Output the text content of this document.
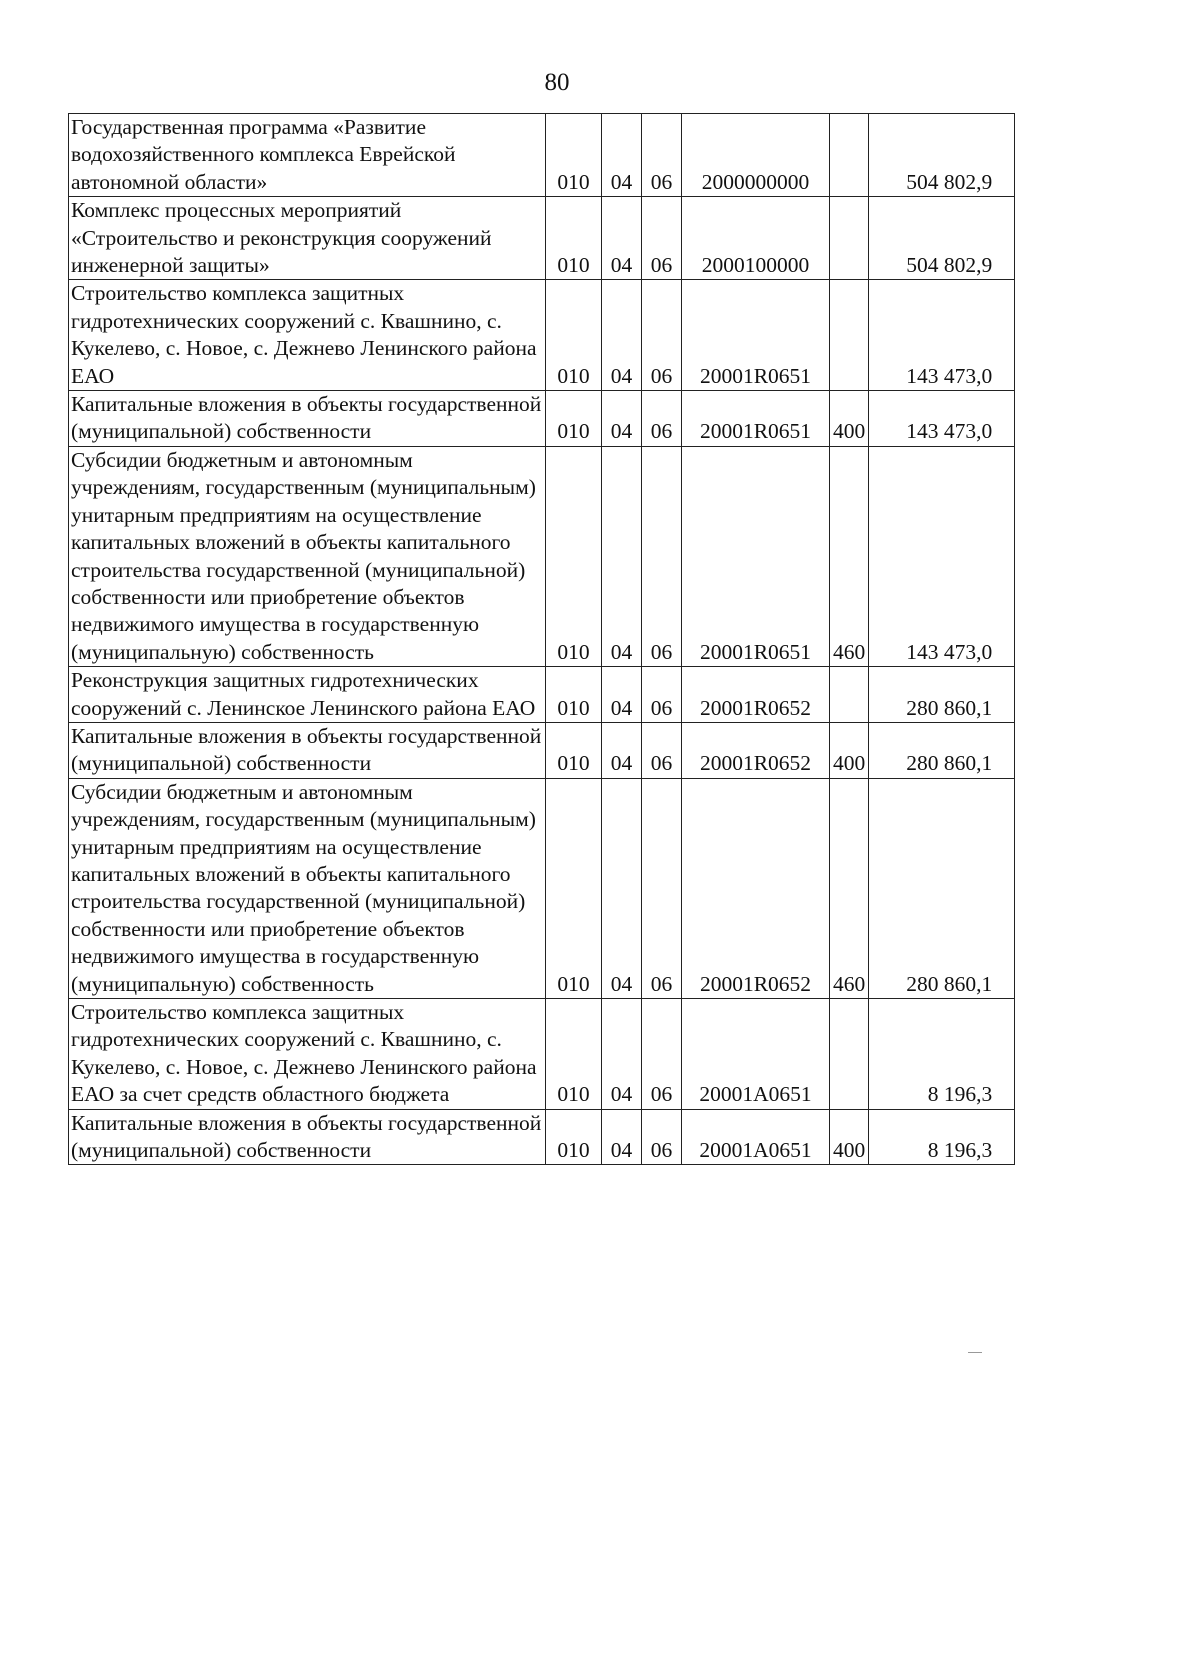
80
Государственная программа «Развитие водохозяйственного комплекса Еврейской автономной области»	010	04	06	2000000000		504 802,9
Комплекс процессных мероприятий «Строительство и реконструкция сооружений инженерной защиты»	010	04	06	2000100000		504 802,9
Строительство комплекса защитных гидротехнических сооружений с. Квашнино, с. Кукелево, с. Новое, с. Дежнево Ленинского района ЕАО	010	04	06	20001R0651		143 473,0
Капитальные вложения в объекты государственной (муниципальной) собственности	010	04	06	20001R0651	400	143 473,0
Субсидии бюджетным и автономным учреждениям, государственным (муниципальным) унитарным предприятиям на осуществление капитальных вложений в объекты капитального строительства государственной (муниципальной) собственности или приобретение объектов недвижимого имущества в государственную (муниципальную) собственность	010	04	06	20001R0651	460	143 473,0
Реконструкция защитных гидротехнических сооружений с. Ленинское Ленинского района ЕАО	010	04	06	20001R0652		280 860,1
Капитальные вложения в объекты государственной (муниципальной) собственности	010	04	06	20001R0652	400	280 860,1
Субсидии бюджетным и автономным учреждениям, государственным (муниципальным) унитарным предприятиям на осуществление капитальных вложений в объекты капитального строительства государственной (муниципальной) собственности или приобретение объектов недвижимого имущества в государственную (муниципальную) собственность	010	04	06	20001R0652	460	280 860,1
Строительство комплекса защитных гидротехнических сооружений с. Квашнино, с. Кукелево, с. Новое, с. Дежнево Ленинского района ЕАО за счет средств областного бюджета	010	04	06	20001A0651		8 196,3
Капитальные вложения в объекты государственной (муниципальной) собственности	010	04	06	20001A0651	400	8 196,3
